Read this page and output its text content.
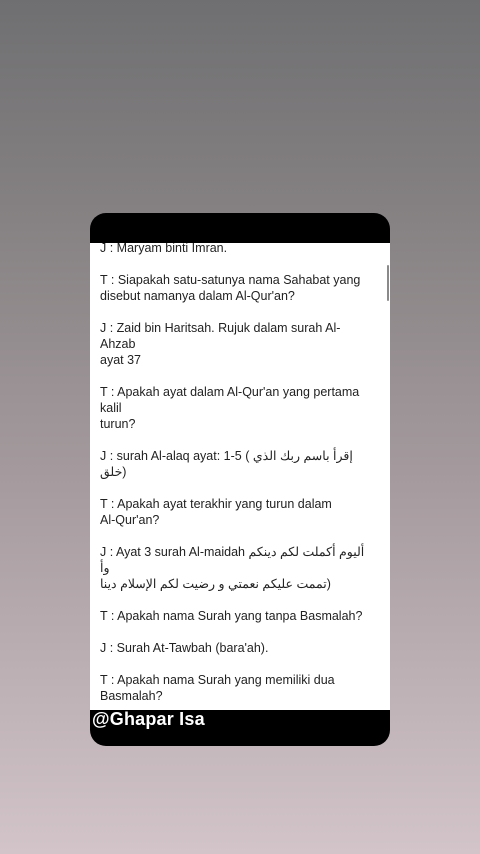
J : Maryam binti Imran.

T : Siapakah satu-satunya nama Sahabat yang

disebut namanya dalam Al-Qur'an?

J : Zaid bin Haritsah. Rujuk dalam surah Al-Ahzab

ayat 37

T : Apakah ayat dalam Al-Qur'an yang pertama kalil

turun?

J : surah Al-alaq ayat: 1-5 ( إقرأ باسم ربك الذي خلق)

T : Apakah ayat terakhir yang turun dalam

Al-Qur'an?

J : Ayat 3 surah Al-maidah أليوم أكملت لكم دينكم وأ

(تممت عليكم نعمتي و رضيت لكم الإسلام دينا

T : Apakah nama Surah yang tanpa Basmalah?

J : Surah At-Tawbah (bara'ah).

T : Apakah nama Surah yang memiliki dua

Basmalah?

@Ghapar Isa
